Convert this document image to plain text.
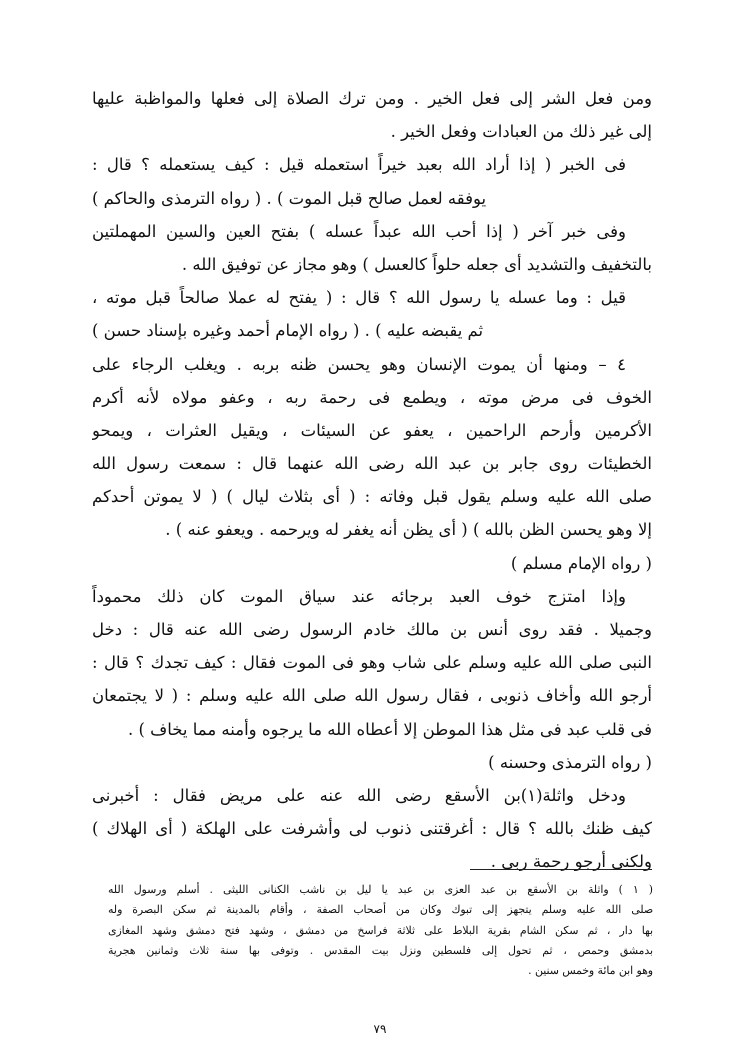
ومن فعل الشر إلى فعل الخير . ومن ترك الصلاة إلى فعلها والمواظبة عليها
إلى غير ذلك من العبادات وفعل الخير .
فى الخبر ( إذا أراد الله بعبد خيراً استعمله قيل : كيف يستعمله ؟ قال :
يوفقه لعمل صالح قبل الموت ) . ( رواه الترمذى والحاكم )
وفى خبر آخر ( إذا أحب الله عبداً عسله ) بفتح العين والسين المهملتين
بالتخفيف والتشديد أى جعله حلواً كالعسل ) وهو مجاز عن توفيق الله .
قيل : وما عسله يا رسول الله ؟ قال : ( يفتح له عملا صالحاً قبل موته ،
ثم يقبضه عليه ) . ( رواه الإمام أحمد وغيره بإسناد حسن )
٤ – ومنها أن يموت الإنسان وهو يحسن ظنه بربه . ويغلب الرجاء على
الخوف فى مرض موته ، ويطمع فى رحمة ربه ، وعفو مولاه لأنه أكرم
الأكرمين وأرحم الراحمين ، يعفو عن السيئات ، ويقيل العثرات ، ويمحو
الخطيئات روى جابر بن عبد الله رضى الله عنهما قال : سمعت رسول الله
صلى الله عليه وسلم يقول قبل وفاته : ( أى بثلاث ليال ) ( لا يموتن أحدكم
إلا وهو يحسن الظن بالله ) ( أى يظن أنه يغفر له ويرحمه . ويعفو عنه ) .
( رواه الإمام مسلم )
وإذا امتزج خوف العبد برجائه عند سياق الموت كان ذلك محموداً
وجميلا . فقد روى أنس بن مالك خادم الرسول رضى الله عنه قال : دخل
النبى صلى الله عليه وسلم على شاب وهو فى الموت فقال : كيف تجدك ؟ قال :
أرجو الله وأخاف ذنوبى ، فقال رسول الله صلى الله عليه وسلم : ( لا يجتمعان
فى قلب عبد فى مثل هذا الموطن إلا أعطاه الله ما يرجوه وأمنه مما يخاف ) .
( رواه الترمذى وحسنه )
ودخل واثلة(١)بن الأسقع رضى الله عنه على مريض فقال : أخبرنى
كيف ظنك بالله ؟ قال : أغرقتنى ذنوب لى وأشرفت على الهلكة ( أى الهلاك )
ولكنى أرجو رحمة ربى .
( ١ ) واثلة بن الأسقع بن عبد العزى بن عبد يا ليل بن ناشب الكنانى الليثى . أسلم ورسول الله
صلى الله عليه وسلم يتجهز إلى تبوك وكان من أصحاب الصفة ، وأقام بالمدينة ثم سكن البصرة وله
بها دار ، ثم سكن الشام بقرية البلاط على ثلاثة فراسخ من دمشق ، وشهد فتح دمشق وشهد المغازى
بدمشق وحمص ، ثم تحول إلى فلسطين ونزل بيت المقدس . وتوفى بها سنة ثلاث وثمانين هجرية
وهو ابن مائة وخمس سنين .
٧٩
